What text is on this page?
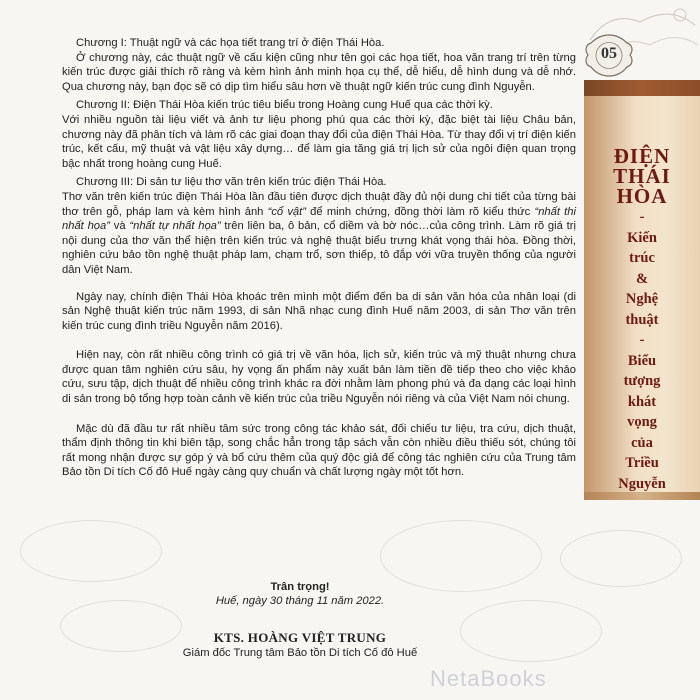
Chương I: Thuật ngữ và các họa tiết trang trí ở điện Thái Hòa.

Ở chương này, các thuật ngữ về cấu kiện cũng như tên gọi các họa tiết, hoa văn trang trí trên từng kiến trúc được giải thích rõ ràng và kèm hình ảnh minh họa cụ thể, dễ hiểu, dễ hình dung và dễ nhớ. Qua chương này, bạn đọc sẽ có dịp tìm hiểu sâu hơn về thuật ngữ kiến trúc cung đình Nguyễn.

Chương II: Điện Thái Hòa kiến trúc tiêu biểu trong Hoàng cung Huế qua các thời kỳ.

Với nhiều nguồn tài liệu viết và ảnh tư liệu phong phú qua các thời kỳ, đặc biệt tài liệu Châu bản, chương này đã phân tích và làm rõ các giai đoạn thay đổi của điện Thái Hòa. Từ thay đổi vị trí điện kiến trúc, kết cấu, mỹ thuật và vật liệu xây dựng… để làm gia tăng giá trị lịch sử của ngôi điện quan trọng bậc nhất trong hoàng cung Huế.

Chương III: Di sản tư liệu thơ văn trên kiến trúc điện Thái Hòa.

Thơ văn trên kiến trúc điện Thái Hòa lần đầu tiên được dịch thuật đầy đủ nội dung chi tiết của từng bài thơ trên gỗ, pháp lam và kèm hình ảnh “cổ vật” để minh chứng, đồng thời làm rõ kiểu thức “nhất thi nhất họa” và “nhất tự nhất họa” trên liên ba, ô bản, cổ diềm và bờ nóc…của công trình. Làm rõ giá trị nội dung của thơ văn thể hiện trên kiến trúc và nghệ thuật biểu trưng khát vọng thái hòa. Đồng thời, nghiên cứu bảo tồn nghệ thuật pháp lam, chạm trổ, sơn thiếp, tô đắp với vữa truyền thống của người dân Việt Nam.

Ngày nay, chính điện Thái Hòa khoác trên mình một điểm đến ba di sản văn hóa của nhân loại (di sản Nghệ thuật kiến trúc năm 1993, di sản Nhã nhạc cung đình Huế năm 2003, di sản Thơ văn trên kiến trúc cung đình triều Nguyễn năm 2016).

Hiện nay, còn rất nhiều công trình có giá trị về văn hóa, lịch sử, kiến trúc và mỹ thuật nhưng chưa được quan tâm nghiên cứu sâu, hy vọng ấn phẩm này xuất bản làm tiền đề tiếp theo cho việc khảo cứu, sưu tập, dịch thuật để nhiều công trình khác ra đời nhằm làm phong phú và đa dạng các loại hình di sản trong bộ tổng hợp toàn cảnh về kiến trúc của triều Nguyễn nói riêng và của Việt Nam nói chung.

Mặc dù đã đầu tư rất nhiều tâm sức trong công tác khảo sát, đối chiếu tư liệu, tra cứu, dịch thuật, thẩm định thông tin khi biên tập, song chắc hẳn trong tập sách vẫn còn nhiều điều thiếu sót, chúng tôi rất mong nhận được sự góp ý và bổ cứu thêm của quý độc giả để công tác nghiên cứu của Trung tâm Bảo tồn Di tích Cố đô Huế ngày càng quy chuẩn và chất lượng ngày một tốt hơn.

Trân trọng!
Huế, ngày 30 tháng 11 năm 2022.
KTS. HOÀNG VIỆT TRUNG
Giám đốc Trung tâm Bảo tồn Di tích Cố đô Huế
05
ĐIỆN
THÁI
HÒA
-
Kiến
trúc
&
Nghệ
thuật
-
Biểu
tượng
khát
vọng
của
Triều
Nguyễn
NetaBooks
